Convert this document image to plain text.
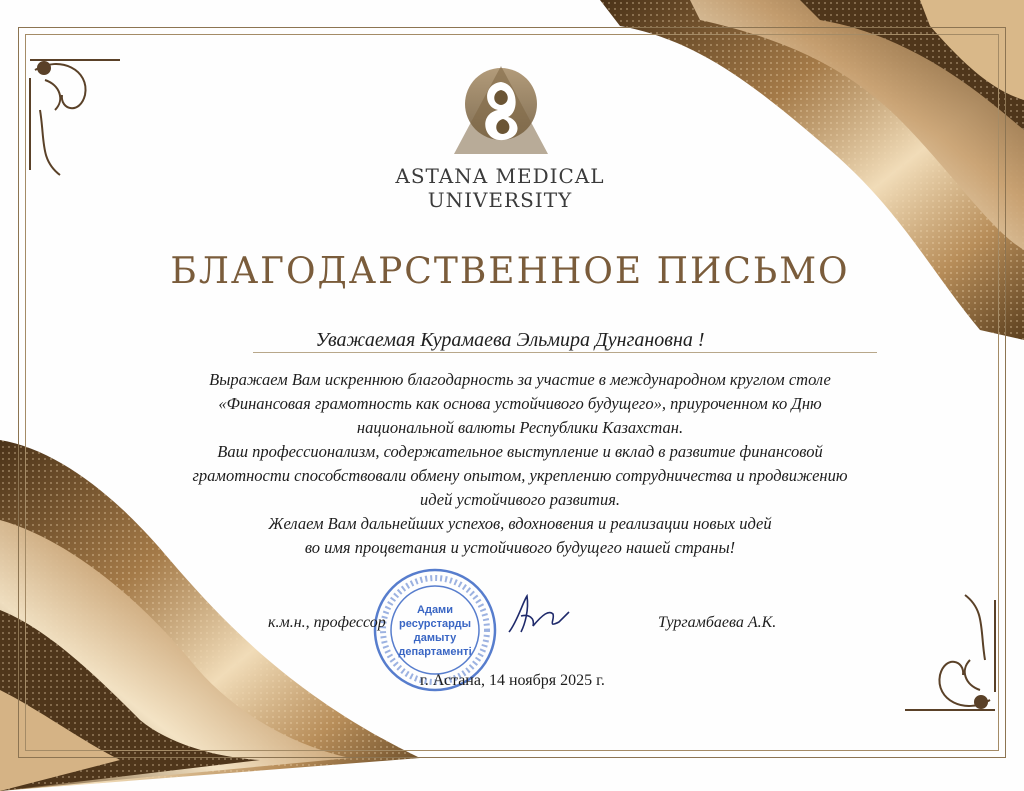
ASTANA MEDICAL
UNIVERSITY
БЛАГОДАРСТВЕННОЕ ПИСЬМО
Уважаемая Курамаева Эльмира Дунгановна !
Выражаем Вам искреннюю благодарность за участие в международном круглом столе
«Финансовая грамотность как основа устойчивого будущего», приуроченном ко Дню
национальной валюты Республики Казахстан.
Ваш профессионализм, содержательное выступление и вклад в развитие финансовой
грамотности способствовали обмену опытом, укреплению сотрудничества и продвижению
идей устойчивого развития.
Желаем Вам дальнейших успехов, вдохновения и реализации новых идей
во имя процветания и устойчивого будущего нашей страны!
Адами
ресурстарды
дамыту
департаменті
к.м.н., профессор	Тургамбаева А.К.
г. Астана, 14 ноября 2025 г.
